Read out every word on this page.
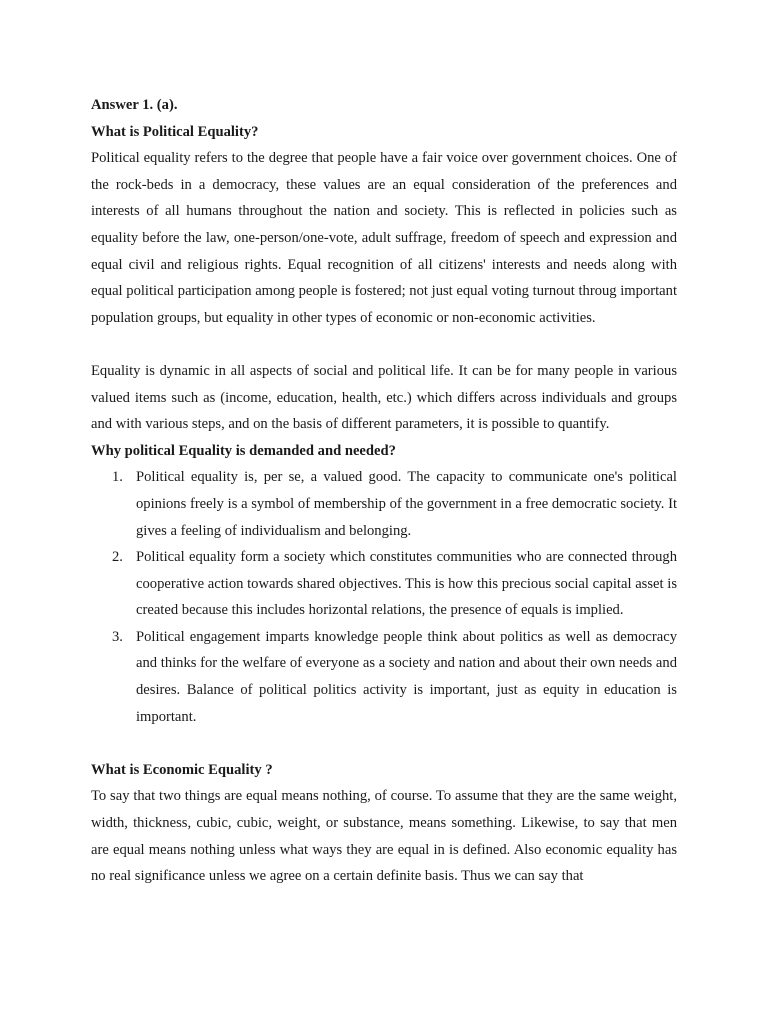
Answer 1. (a).

What is Political Equality?

Political equality refers to the degree that people have a fair voice over government choices. One of the rock-beds in a democracy, these values are an equal consideration of the preferences and interests of all humans throughout the nation and society. This is reflected in policies such as equality before the law, one-person/one-vote, adult suffrage, freedom of speech and expression and equal civil and religious rights. Equal recognition of all citizens' interests and needs along with equal political participation among people is fostered; not just equal voting turnout throug important population groups, but equality in other types of economic or non-economic activities.

Equality is dynamic in all aspects of social and political life. It can be for many people in various valued items such as (income, education, health, etc.) which differs across individuals and groups and with various steps, and on the basis of different parameters, it is possible to quantify.

Why political Equality is demanded and needed?

1. Political equality is, per se, a valued good. The capacity to communicate one's political opinions freely is a symbol of membership of the government in a free democratic society. It gives a feeling of individualism and belonging.
2. Political equality form a society which constitutes communities who are connected through cooperative action towards shared objectives. This is how this precious social capital asset is created because this includes horizontal relations, the presence of equals is implied.
3. Political engagement imparts knowledge people think about politics as well as democracy and thinks for the welfare of everyone as a society and nation and about their own needs and desires. Balance of political politics activity is important, just as equity in education is important.

What is Economic Equality ?

To say that two things are equal means nothing, of course. To assume that they are the same weight, width, thickness, cubic, cubic, weight, or substance, means something. Likewise, to say that men are equal means nothing unless what ways they are equal in is defined. Also economic equality has no real significance unless we agree on a certain definite basis. Thus we can say that
